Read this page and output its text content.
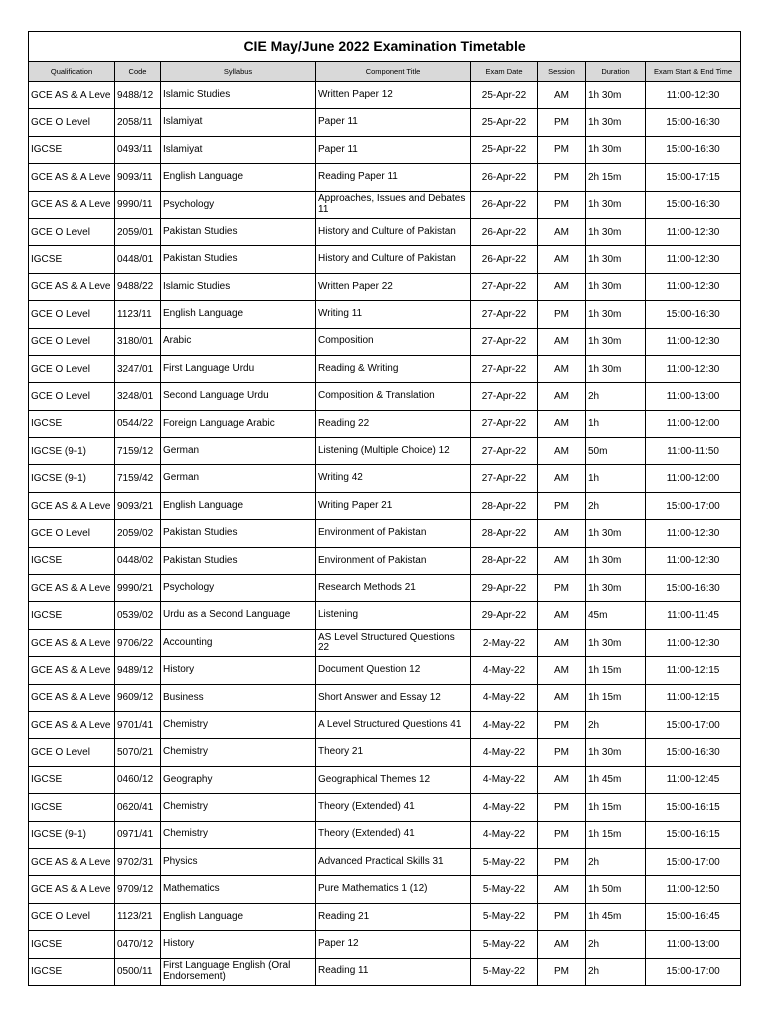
CIE May/June 2022 Examination Timetable							
Qualification	Code	Syllabus	Component Title	Exam Date	Session	Duration	Exam Start & End Time
GCE AS & A Leve	9488/12	Islamic Studies	Written Paper 12	25-Apr-22	AM	1h 30m	11:00-12:30
GCE O Level	2058/11	Islamiyat	Paper 11	25-Apr-22	PM	1h 30m	15:00-16:30
IGCSE	0493/11	Islamiyat	Paper 11	25-Apr-22	PM	1h 30m	15:00-16:30
GCE AS & A Leve	9093/11	English Language	Reading Paper 11	26-Apr-22	PM	2h 15m	15:00-17:15
GCE AS & A Leve	9990/11	Psychology	Approaches, Issues and Debates 11	26-Apr-22	PM	1h 30m	15:00-16:30
GCE O Level	2059/01	Pakistan Studies	History and Culture of Pakistan	26-Apr-22	AM	1h 30m	11:00-12:30
IGCSE	0448/01	Pakistan Studies	History and Culture of Pakistan	26-Apr-22	AM	1h 30m	11:00-12:30
GCE AS & A Leve	9488/22	Islamic Studies	Written Paper 22	27-Apr-22	AM	1h 30m	11:00-12:30
GCE O Level	1123/11	English Language	Writing 11	27-Apr-22	PM	1h 30m	15:00-16:30
GCE O Level	3180/01	Arabic	Composition	27-Apr-22	AM	1h 30m	11:00-12:30
GCE O Level	3247/01	First Language Urdu	Reading & Writing	27-Apr-22	AM	1h 30m	11:00-12:30
GCE O Level	3248/01	Second Language Urdu	Composition & Translation	27-Apr-22	AM	2h	11:00-13:00
IGCSE	0544/22	Foreign Language Arabic	Reading 22	27-Apr-22	AM	1h	11:00-12:00
IGCSE (9-1)	7159/12	German	Listening (Multiple Choice) 12	27-Apr-22	AM	50m	11:00-11:50
IGCSE (9-1)	7159/42	German	Writing 42	27-Apr-22	AM	1h	11:00-12:00
GCE AS & A Leve	9093/21	English Language	Writing Paper 21	28-Apr-22	PM	2h	15:00-17:00
GCE O Level	2059/02	Pakistan Studies	Environment of Pakistan	28-Apr-22	AM	1h 30m	11:00-12:30
IGCSE	0448/02	Pakistan Studies	Environment of Pakistan	28-Apr-22	AM	1h 30m	11:00-12:30
GCE AS & A Leve	9990/21	Psychology	Research Methods 21	29-Apr-22	PM	1h 30m	15:00-16:30
IGCSE	0539/02	Urdu as a Second Language	Listening	29-Apr-22	AM	45m	11:00-11:45
GCE AS & A Leve	9706/22	Accounting	AS Level Structured Questions 22	2-May-22	AM	1h 30m	11:00-12:30
GCE AS & A Leve	9489/12	History	Document Question 12	4-May-22	AM	1h 15m	11:00-12:15
GCE AS & A Leve	9609/12	Business	Short Answer and Essay 12	4-May-22	AM	1h 15m	11:00-12:15
GCE AS & A Leve	9701/41	Chemistry	A Level Structured Questions 41	4-May-22	PM	2h	15:00-17:00
GCE O Level	5070/21	Chemistry	Theory 21	4-May-22	PM	1h 30m	15:00-16:30
IGCSE	0460/12	Geography	Geographical Themes 12	4-May-22	AM	1h 45m	11:00-12:45
IGCSE	0620/41	Chemistry	Theory (Extended) 41	4-May-22	PM	1h 15m	15:00-16:15
IGCSE (9-1)	0971/41	Chemistry	Theory (Extended) 41	4-May-22	PM	1h 15m	15:00-16:15
GCE AS & A Leve	9702/31	Physics	Advanced Practical Skills 31	5-May-22	PM	2h	15:00-17:00
GCE AS & A Leve	9709/12	Mathematics	Pure Mathematics 1 (12)	5-May-22	AM	1h 50m	11:00-12:50
GCE O Level	1123/21	English Language	Reading 21	5-May-22	PM	1h 45m	15:00-16:45
IGCSE	0470/12	History	Paper 12	5-May-22	AM	2h	11:00-13:00
IGCSE	0500/11	First Language English (Oral Endorsement)	Reading 11	5-May-22	PM	2h	15:00-17:00
